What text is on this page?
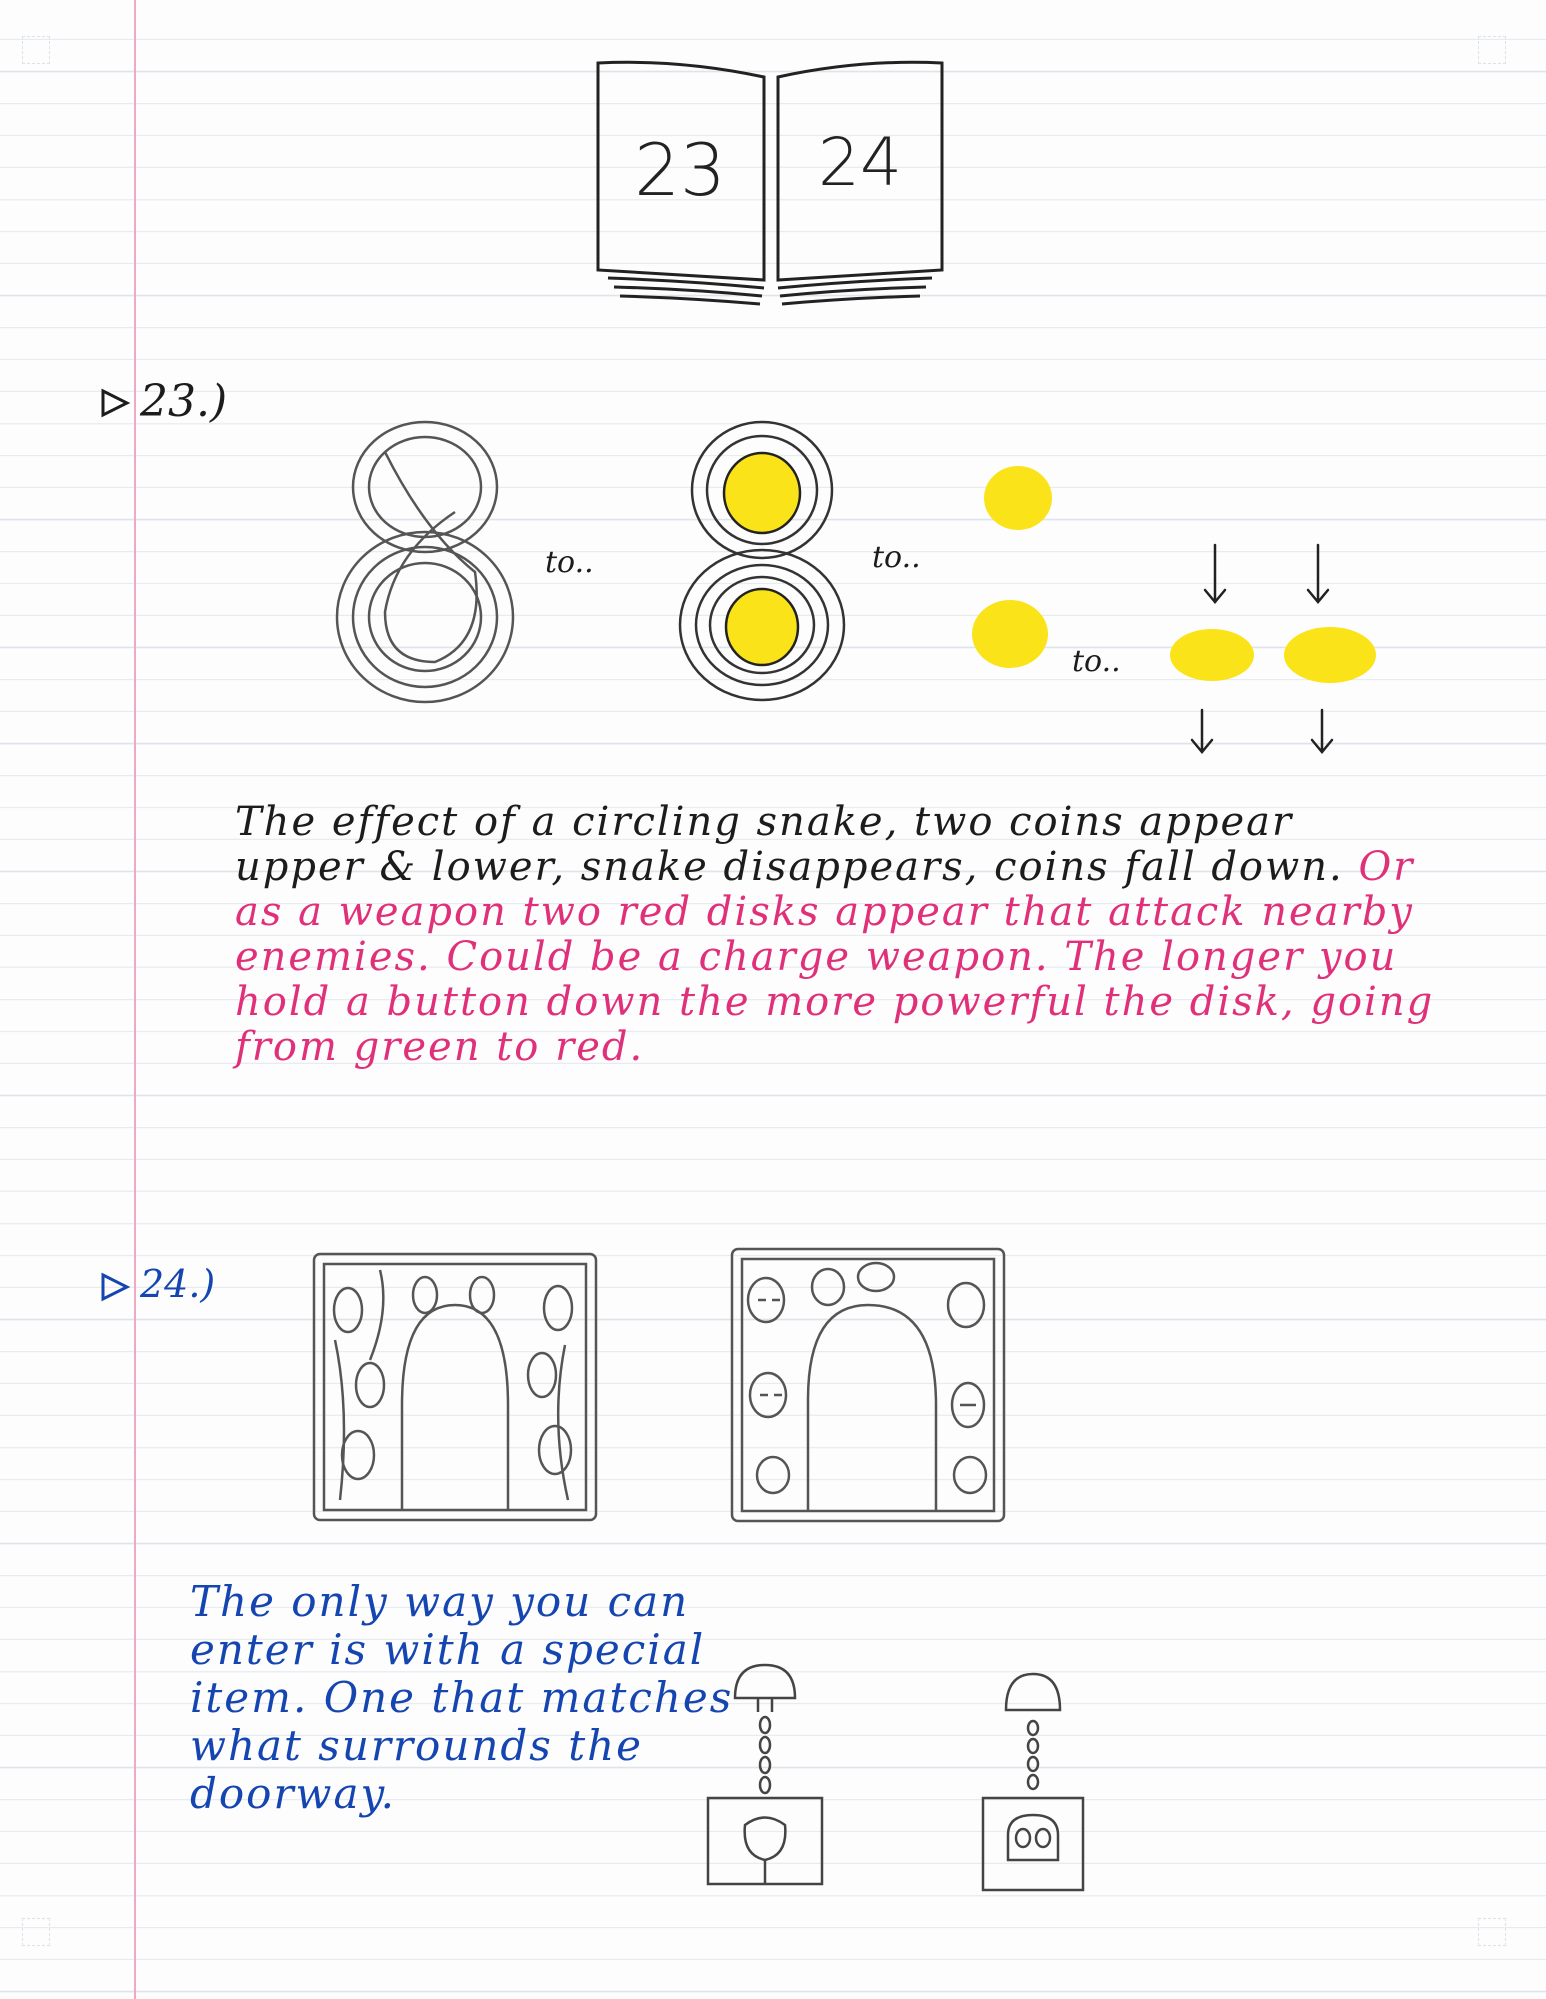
23 24
23.)
to..	to..
to..

The effect of a circling snake, two coins appear upper & lower, snake disappears, coins fall down. Or as a weapon two red disks appear that attack nearby enemies. Could be a charge weapon. The longer you hold a button down the more powerful the disk, going from green to red.

24.)

The only way you can enter is with a special item. One that matches what surrounds the doorway.
